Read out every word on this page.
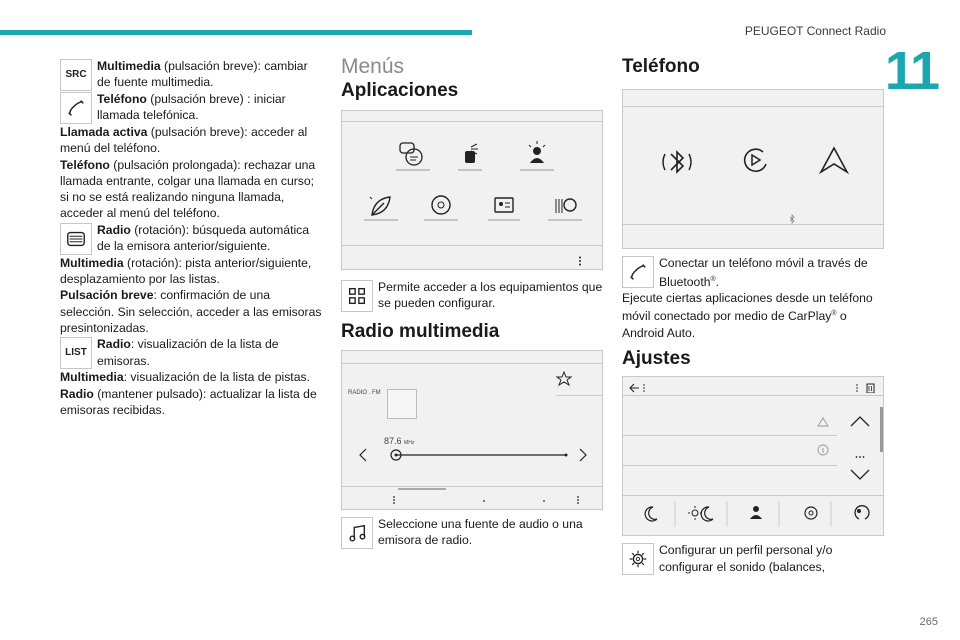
PEUGEOT Connect Radio
11
265
SRC

Multimedia (pulsación breve): cambiar de fuente multimedia.

Teléfono (pulsación breve) : iniciar llamada telefónica.

Llamada activa (pulsación breve): acceder al menú del teléfono.

Teléfono (pulsación prolongada): rechazar una llamada entrante, colgar una llamada en curso; si no se está realizando ninguna llamada, acceder al menú del teléfono.

Radio (rotación): búsqueda automática de la emisora anterior/siguiente.

Multimedia (rotación): pista anterior/siguiente, desplazamiento por las listas.

Pulsación breve: confirmación de una selección. Sin selección, acceder a las emisoras presintonizadas.

LIST

Radio: visualización de la lista de emisoras.

Multimedia: visualización de la lista de pistas.

Radio (mantener pulsado): actualizar la lista de emisoras recibidas.

Menús
Aplicaciones

Permite acceder a los equipamientos que se pueden configurar.

Radio multimedia
RADIO . FM
87.6 MHz

Seleccione una fuente de audio o una emisora de radio.

Teléfono

Conectar un teléfono móvil a través de Bluetooth®.

Ejecute ciertas aplicaciones desde un teléfono móvil conectado por medio de CarPlay® o Android Auto.

Ajustes

Configurar un perfil personal y/o configurar el sonido (balances,
